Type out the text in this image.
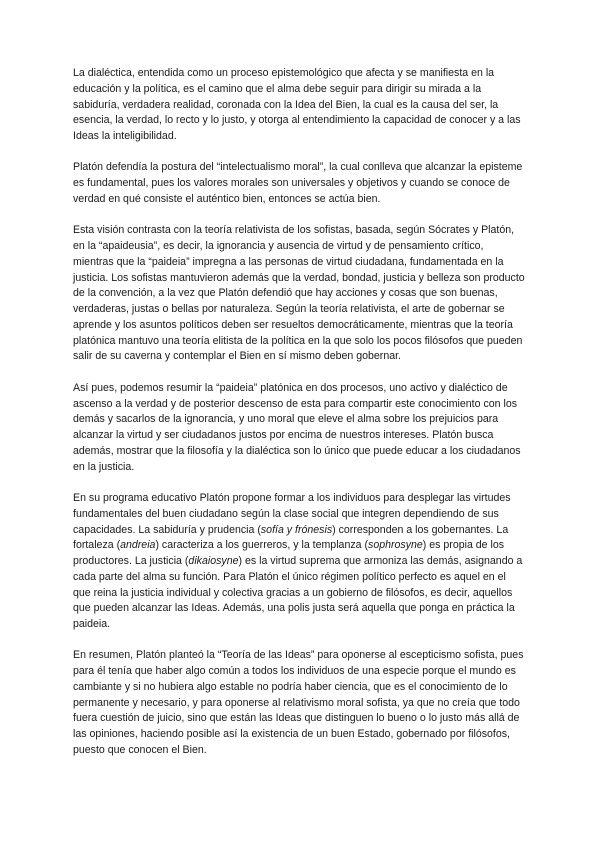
La dialéctica, entendida como un proceso epistemológico que afecta y se manifiesta en la educación y la política, es el camino que el alma debe seguir para dirigir su mirada a la sabiduría, verdadera realidad, coronada con la Idea del Bien, la cual es la causa del ser, la esencia, la verdad, lo recto y lo justo, y otorga al entendimiento la capacidad de conocer y a las Ideas la inteligibilidad.

Platón defendía la postura del “intelectualismo moral”, la cual conlleva que alcanzar la episteme es fundamental, pues los valores morales son universales y objetivos y cuando se conoce de verdad en qué consiste el auténtico bien, entonces se actúa bien.

Esta visión contrasta con la teoría relativista de los sofistas, basada, según Sócrates y Platón, en la “apaideusia”, es decir, la ignorancia y ausencia de virtud y de pensamiento crítico, mientras que la “paideia” impregna a las personas de virtud ciudadana, fundamentada en la justicia. Los sofistas mantuvieron además que la verdad, bondad, justicia y belleza son producto de la convención, a la vez que Platón defendió que hay acciones y cosas que son buenas, verdaderas, justas o bellas por naturaleza. Según la teoría relativista, el arte de gobernar se aprende y los asuntos políticos deben ser resueltos democráticamente, mientras que la teoría platónica mantuvo una teoría elitista de la política en la que solo los pocos filósofos que pueden salir de su caverna y contemplar el Bien en sí mismo deben gobernar.

Así pues, podemos resumir la “paideia” platónica en dos procesos, uno activo y dialéctico de ascenso a la verdad y de posterior descenso de esta para compartir este conocimiento con los demás y sacarlos de la ignorancia, y uno moral que eleve el alma sobre los prejuicios para alcanzar la virtud y ser ciudadanos justos por encima de nuestros intereses. Platón busca además, mostrar que la filosofía y la dialéctica son lo único que puede educar a los ciudadanos en la justicia.

En su programa educativo Platón propone formar a los individuos para desplegar las virtudes fundamentales del buen ciudadano según la clase social que integren dependiendo de sus capacidades. La sabiduría y prudencia (sofía y frónesis) corresponden a los gobernantes. La fortaleza (andreia) caracteriza a los guerreros, y la templanza (sophrosyne) es propia de los productores. La justicia (dikaiosyne) es la virtud suprema que armoniza las demás, asignando a cada parte del alma su función. Para Platón el único régimen político perfecto es aquel en el que reina la justicia individual y colectiva gracias a un gobierno de filósofos, es decir, aquellos que pueden alcanzar las Ideas. Además, una polis justa será aquella que ponga en práctica la paideia.

En resumen, Platón planteó la “Teoría de las Ideas” para oponerse al escepticismo sofista, pues para él tenía que haber algo común a todos los individuos de una especie porque el mundo es cambiante y si no hubiera algo estable no podría haber ciencia, que es el conocimiento de lo permanente y necesario, y para oponerse al relativismo moral sofista, ya que no creía que todo fuera cuestión de juicio, sino que están las Ideas que distinguen lo bueno o lo justo más allá de las opiniones, haciendo posible así la existencia de un buen Estado, gobernado por filósofos, puesto que conocen el Bien.
